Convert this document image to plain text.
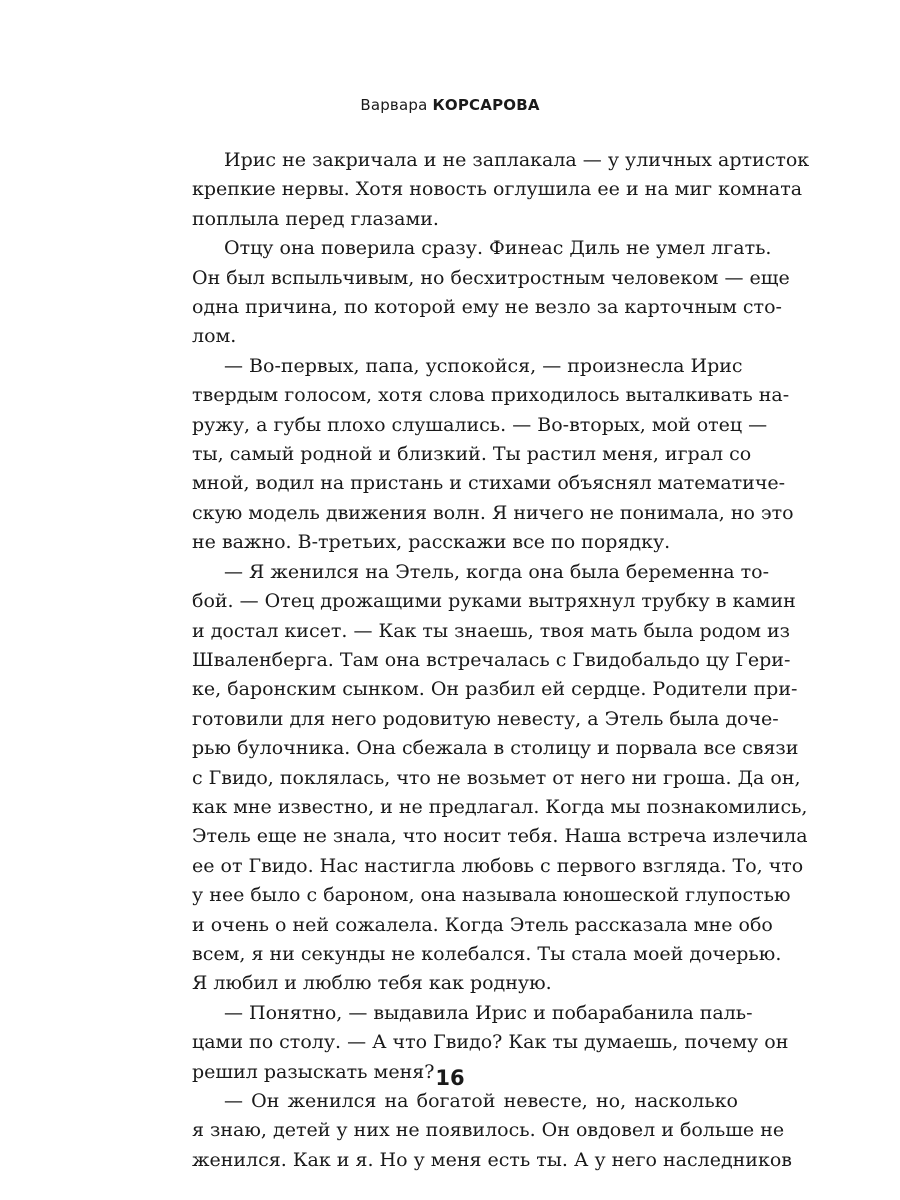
Варвара КОРСАРОВА
Ирис не закричала и не заплакала — у уличных артисток
крепкие нервы. Хотя новость оглушила ее и на миг комната
поплыла перед глазами.
Отцу она поверила сразу. Финеас Диль не умел лгать.
Он был вспыльчивым, но бесхитростным человеком — еще
одна причина, по которой ему не везло за карточным сто-
лом.
— Во-первых, папа, успокойся, — произнесла Ирис
твердым голосом, хотя слова приходилось выталкивать на-
ружу, а губы плохо слушались. — Во-вторых, мой отец —
ты, самый родной и близкий. Ты растил меня, играл со
мной, водил на пристань и стихами объяснял математиче-
скую модель движения волн. Я ничего не понимала, но это
не важно. В-третьих, расскажи все по порядку.
— Я женился на Этель, когда она была беременна то-
бой. — Отец дрожащими руками вытряхнул трубку в камин
и достал кисет. — Как ты знаешь, твоя мать была родом из
Шваленберга. Там она встречалась с Гвидобальдо цу Гери-
ке, баронским сынком. Он разбил ей сердце. Родители при-
готовили для него родовитую невесту, а Этель была доче-
рью булочника. Она сбежала в столицу и порвала все связи
с Гвидо, поклялась, что не возьмет от него ни гроша. Да он,
как мне известно, и не предлагал. Когда мы познакомились,
Этель еще не знала, что носит тебя. Наша встреча излечила
ее от Гвидо. Нас настигла любовь с первого взгляда. То, что
у нее было с бароном, она называла юношеской глупостью
и очень о ней сожалела. Когда Этель рассказала мне обо
всем, я ни секунды не колебался. Ты стала моей дочерью.
Я любил и люблю тебя как родную.
— Понятно, — выдавила Ирис и побарабанила паль-
цами по столу. — А что Гвидо? Как ты думаешь, почему он
решил разыскать меня?
— Он женился на богатой невесте, но, насколько
я знаю, детей у них не появилось. Он овдовел и больше не
женился. Как и я. Но у меня есть ты. А у него наследников
16
